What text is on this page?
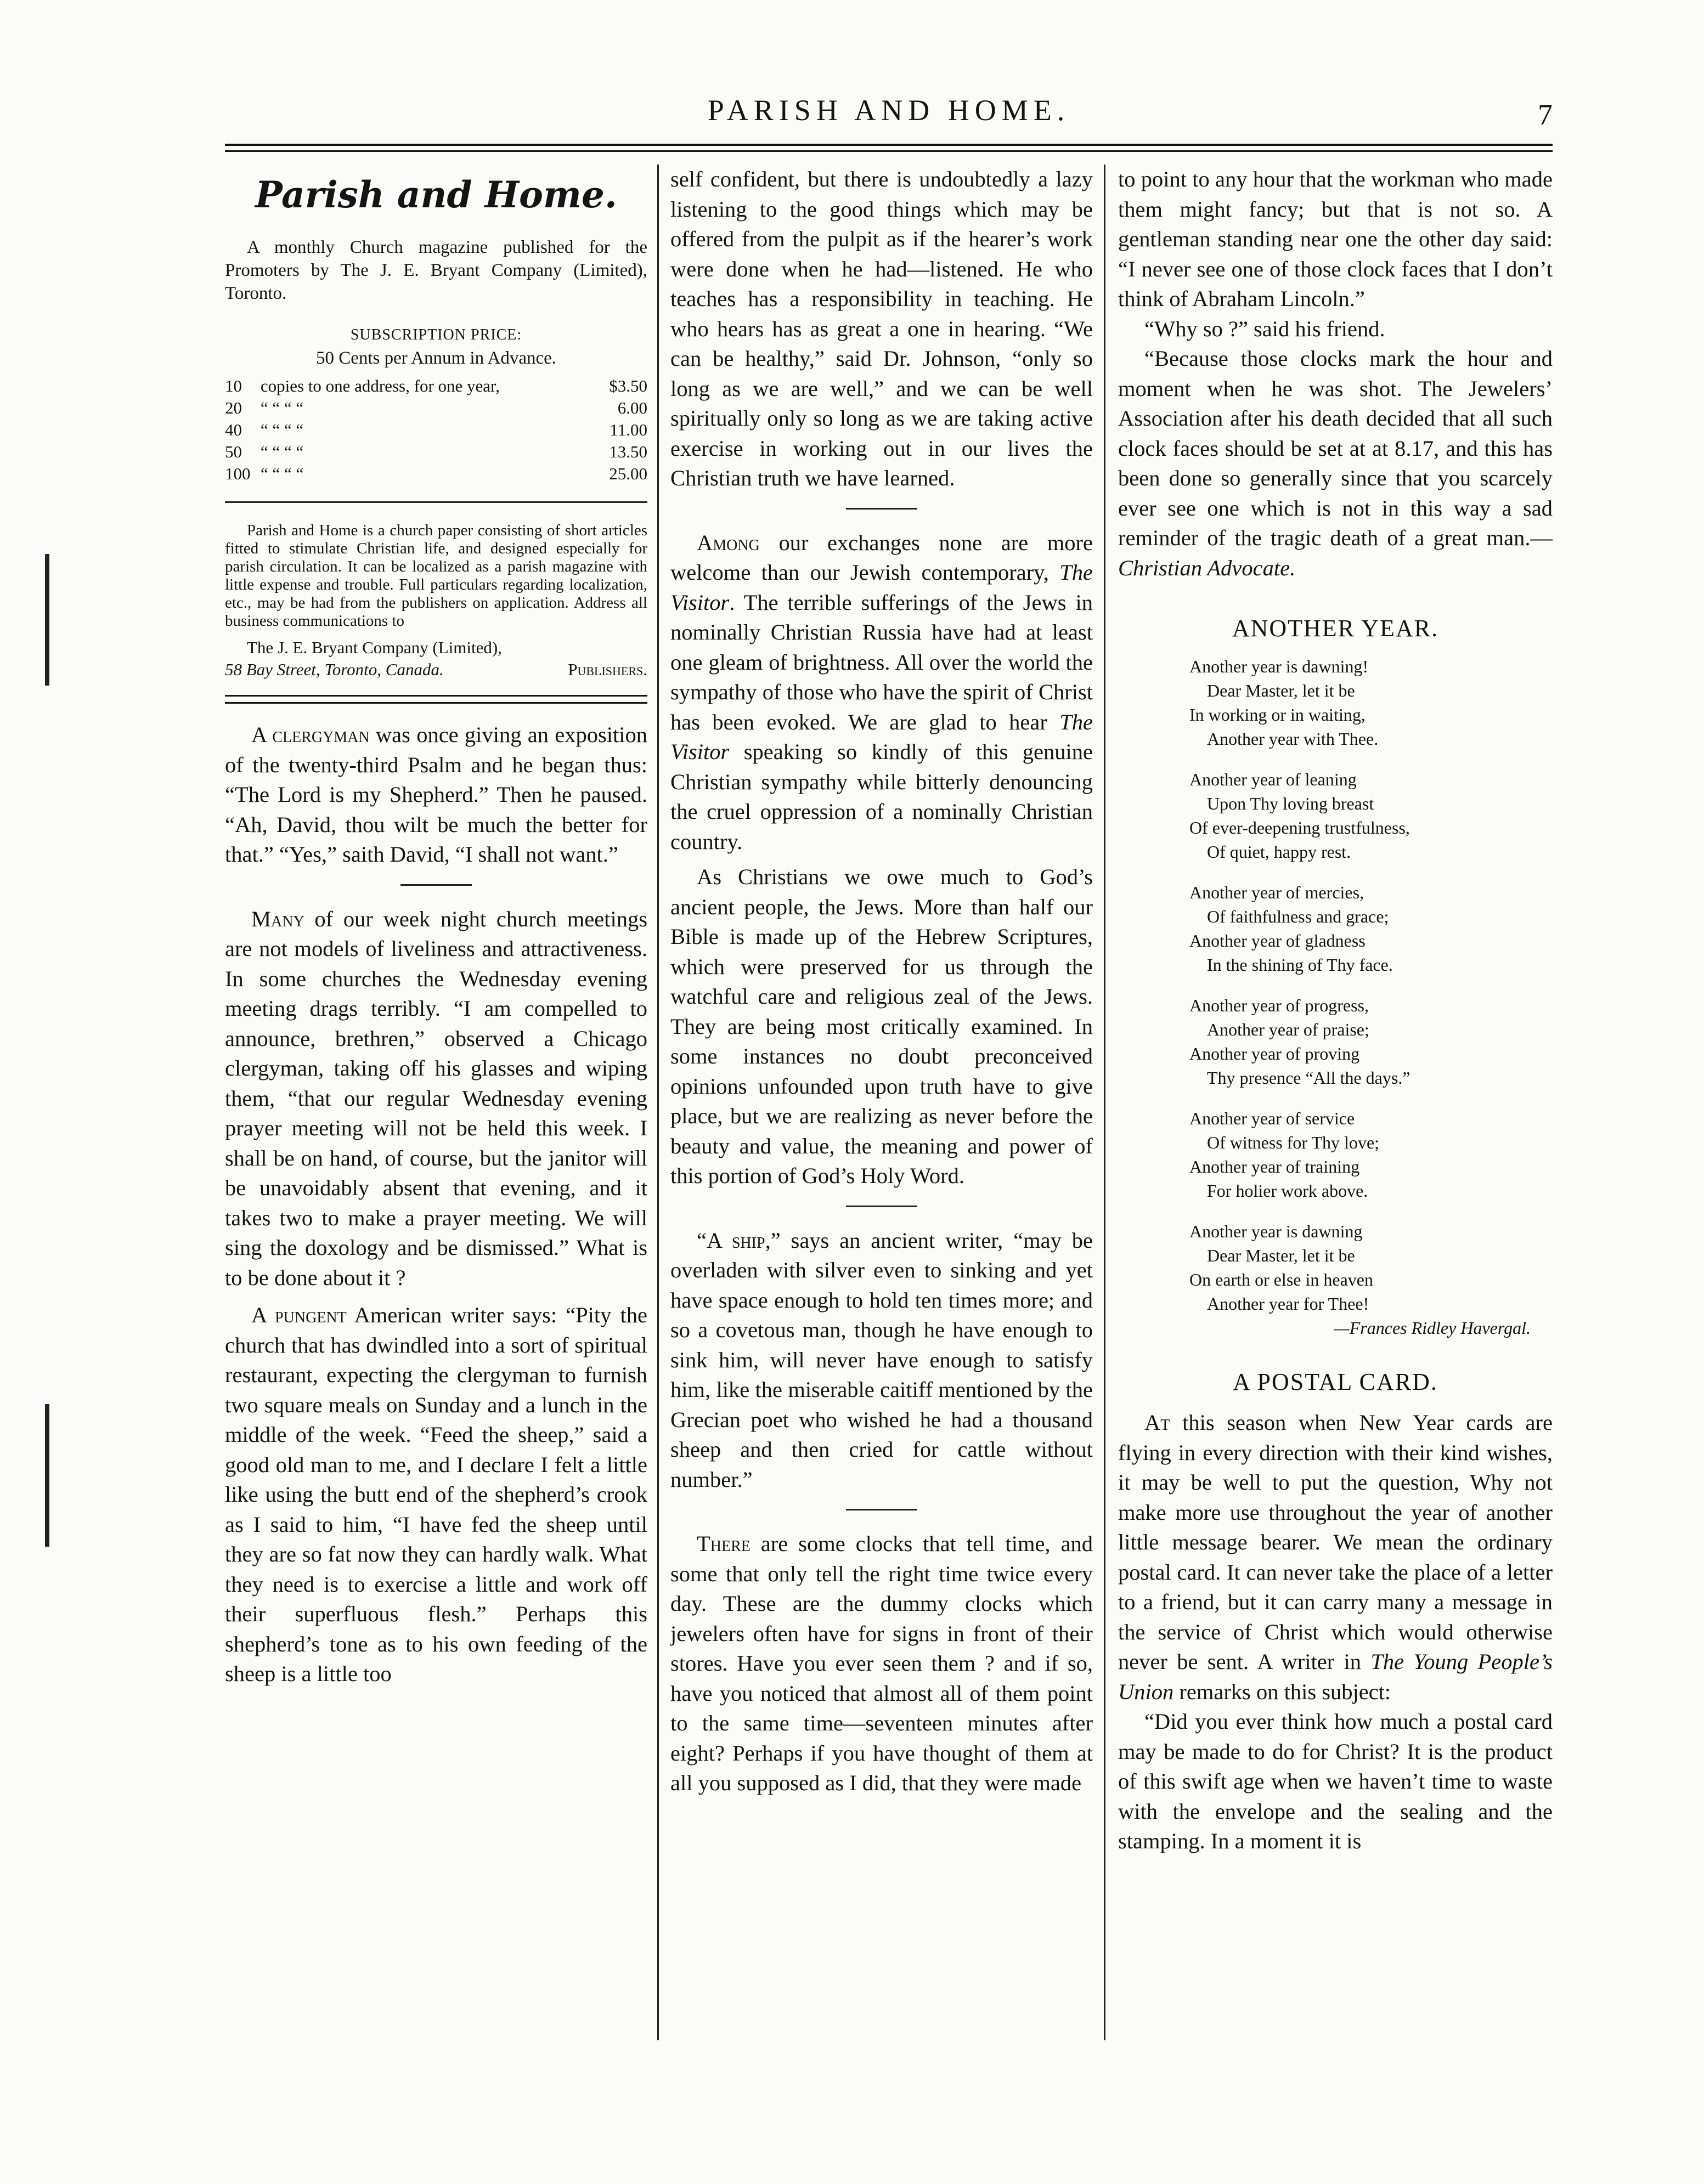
PARISH AND HOME.	7
Parish and Home.

A monthly Church magazine published for the Promoters by The J. E. Bryant Company (Limited), Toronto.

SUBSCRIPTION PRICE:
50 Cents per Annum in Advance.
10	copies to one address, for one year,	$3.50
20	“ “ “ “	6.00
40	“ “ “ “	11.00
50	“ “ “ “	13.50
100	“ “ “ “	25.00

Parish and Home is a church paper consisting of short articles fitted to stimulate Christian life, and designed especially for parish circulation. It can be localized as a parish magazine with little expense and trouble. Full particulars regarding localization, etc., may be had from the publishers on application. Address all business communications to

The J. E. Bryant Company (Limited),
58 Bay Street, Toronto, Canada.	Publishers.

A clergyman was once giving an exposition of the twenty-third Psalm and he began thus: “The Lord is my Shepherd.” Then he paused. “Ah, David, thou wilt be much the better for that.” “Yes,” saith David, “I shall not want.”

Many of our week night church meetings are not models of liveliness and attractiveness. In some churches the Wednesday evening meeting drags terribly. “I am compelled to announce, brethren,” observed a Chicago clergyman, taking off his glasses and wiping them, “that our regular Wednesday evening prayer meeting will not be held this week. I shall be on hand, of course, but the janitor will be unavoidably absent that evening, and it takes two to make a prayer meeting. We will sing the doxology and be dismissed.” What is to be done about it ?

A pungent American writer says: “Pity the church that has dwindled into a sort of spiritual restaurant, expecting the clergyman to furnish two square meals on Sunday and a lunch in the middle of the week. “Feed the sheep,” said a good old man to me, and I declare I felt a little like using the butt end of the shepherd’s crook as I said to him, “I have fed the sheep until they are so fat now they can hardly walk. What they need is to exercise a little and work off their superfluous flesh.” Perhaps this shepherd’s tone as to his own feeding of the sheep is a little too

self confident, but there is undoubtedly a lazy listening to the good things which may be offered from the pulpit as if the hearer’s work were done when he had—listened. He who teaches has a responsibility in teaching. He who hears has as great a one in hearing. “We can be healthy,” said Dr. Johnson, “only so long as we are well,” and we can be well spiritually only so long as we are taking active exercise in working out in our lives the Christian truth we have learned.

Among our exchanges none are more welcome than our Jewish contemporary, The Visitor. The terrible sufferings of the Jews in nominally Christian Russia have had at least one gleam of brightness. All over the world the sympathy of those who have the spirit of Christ has been evoked. We are glad to hear The Visitor speaking so kindly of this genuine Christian sympathy while bitterly denouncing the cruel oppression of a nominally Christian country.

As Christians we owe much to God’s ancient people, the Jews. More than half our Bible is made up of the Hebrew Scriptures, which were preserved for us through the watchful care and religious zeal of the Jews. They are being most critically examined. In some instances no doubt preconceived opinions unfounded upon truth have to give place, but we are realizing as never before the beauty and value, the meaning and power of this portion of God’s Holy Word.

“A ship,” says an ancient writer, “may be overladen with silver even to sinking and yet have space enough to hold ten times more; and so a covetous man, though he have enough to sink him, will never have enough to satisfy him, like the miserable caitiff mentioned by the Grecian poet who wished he had a thousand sheep and then cried for cattle without number.”

There are some clocks that tell time, and some that only tell the right time twice every day. These are the dummy clocks which jewelers often have for signs in front of their stores. Have you ever seen them ? and if so, have you noticed that almost all of them point to the same time—seventeen minutes after eight? Perhaps if you have thought of them at all you supposed as I did, that they were made

to point to any hour that the workman who made them might fancy; but that is not so. A gentleman standing near one the other day said: “I never see one of those clock faces that I don’t think of Abraham Lincoln.”

“Why so ?” said his friend.

“Because those clocks mark the hour and moment when he was shot. The Jewelers’ Association after his death decided that all such clock faces should be set at at 8.17, and this has been done so generally since that you scarcely ever see one which is not in this way a sad reminder of the tragic death of a great man.—Christian Advocate.

ANOTHER YEAR.
Another year is dawning!
Dear Master, let it be
In working or in waiting,
Another year with Thee.
Another year of leaning
Upon Thy loving breast
Of ever-deepening trustfulness,
Of quiet, happy rest.
Another year of mercies,
Of faithfulness and grace;
Another year of gladness
In the shining of Thy face.
Another year of progress,
Another year of praise;
Another year of proving
Thy presence “All the days.”
Another year of service
Of witness for Thy love;
Another year of training
For holier work above.
Another year is dawning
Dear Master, let it be
On earth or else in heaven
Another year for Thee!
—Frances Ridley Havergal.
A POSTAL CARD.

At this season when New Year cards are flying in every direction with their kind wishes, it may be well to put the question, Why not make more use throughout the year of another little message bearer. We mean the ordinary postal card. It can never take the place of a letter to a friend, but it can carry many a message in the service of Christ which would otherwise never be sent. A writer in The Young People’s Union remarks on this subject:

“Did you ever think how much a postal card may be made to do for Christ? It is the product of this swift age when we haven’t time to waste with the envelope and the sealing and the stamping. In a moment it is
